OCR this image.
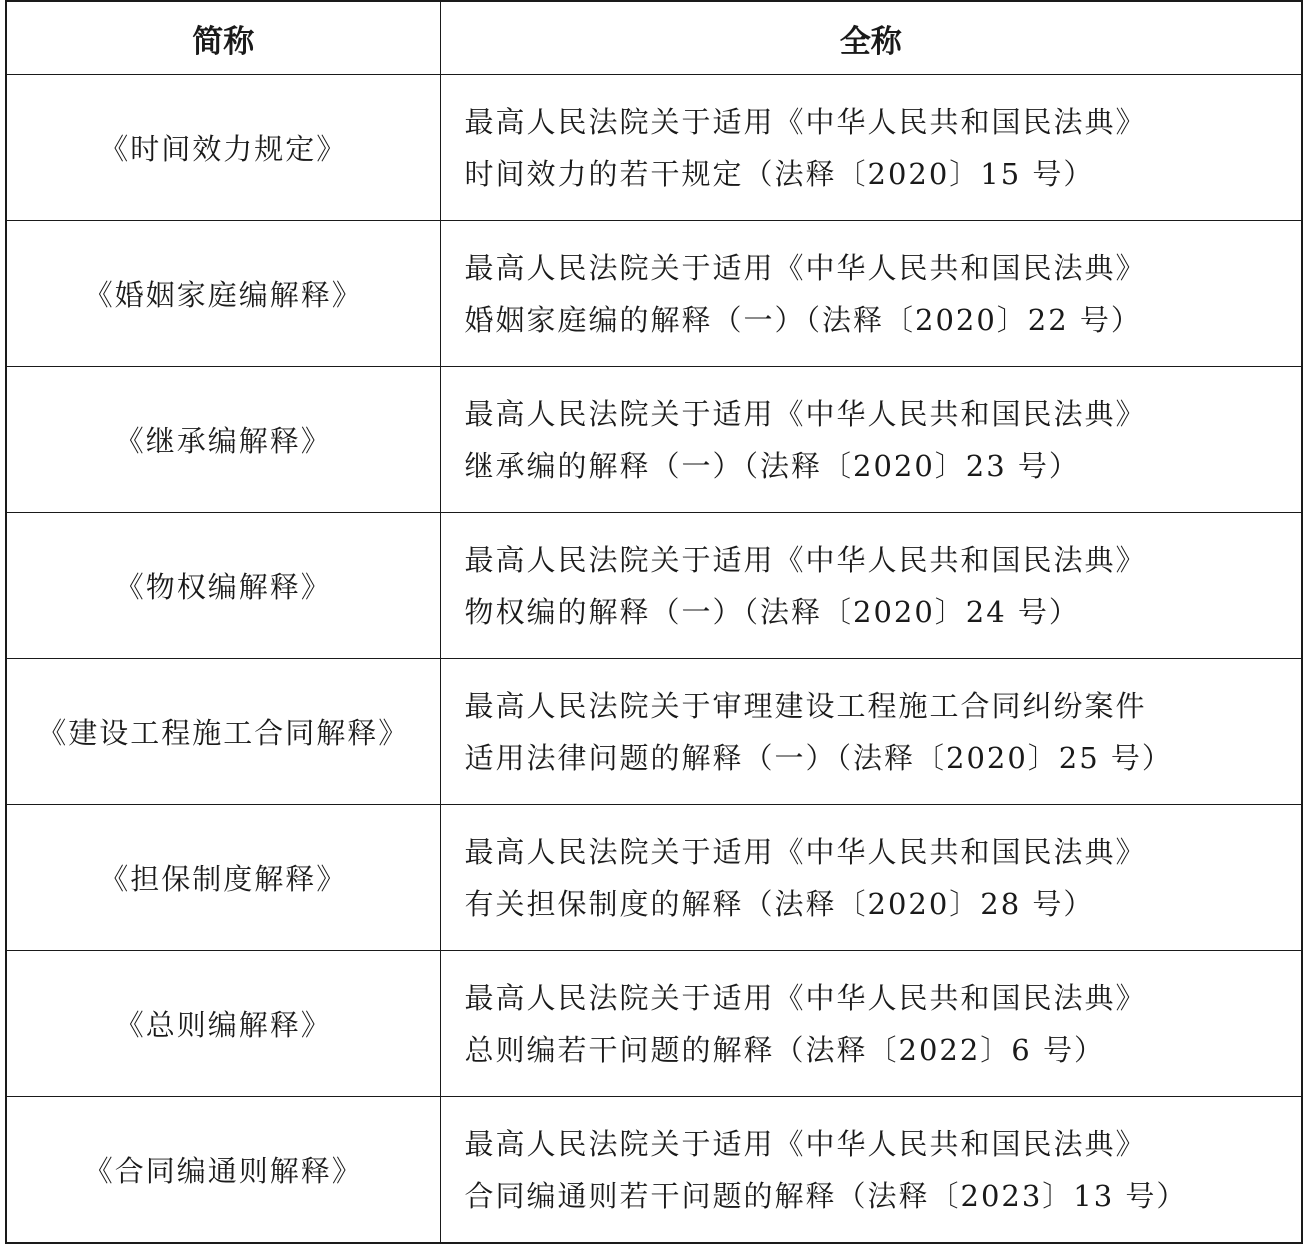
简称	全称
《时间效力规定》	最高人民法院关于适用《中华人民共和国民法典》
时间效力的若干规定（法释〔2020〕15 号）

《婚姻家庭编解释》	最高人民法院关于适用《中华人民共和国民法典》
婚姻家庭编的解释（一）（法释〔2020〕22 号）

《继承编解释》	最高人民法院关于适用《中华人民共和国民法典》
继承编的解释（一）（法释〔2020〕23 号）

《物权编解释》	最高人民法院关于适用《中华人民共和国民法典》
物权编的解释（一）（法释〔2020〕24 号）

《建设工程施工合同解释》	最高人民法院关于审理建设工程施工合同纠纷案件
适用法律问题的解释（一）（法释〔2020〕25 号）

《担保制度解释》	最高人民法院关于适用《中华人民共和国民法典》
有关担保制度的解释（法释〔2020〕28 号）

《总则编解释》	最高人民法院关于适用《中华人民共和国民法典》
总则编若干问题的解释（法释〔2022〕6 号）

《合同编通则解释》	最高人民法院关于适用《中华人民共和国民法典》
合同编通则若干问题的解释（法释〔2023〕13 号）
